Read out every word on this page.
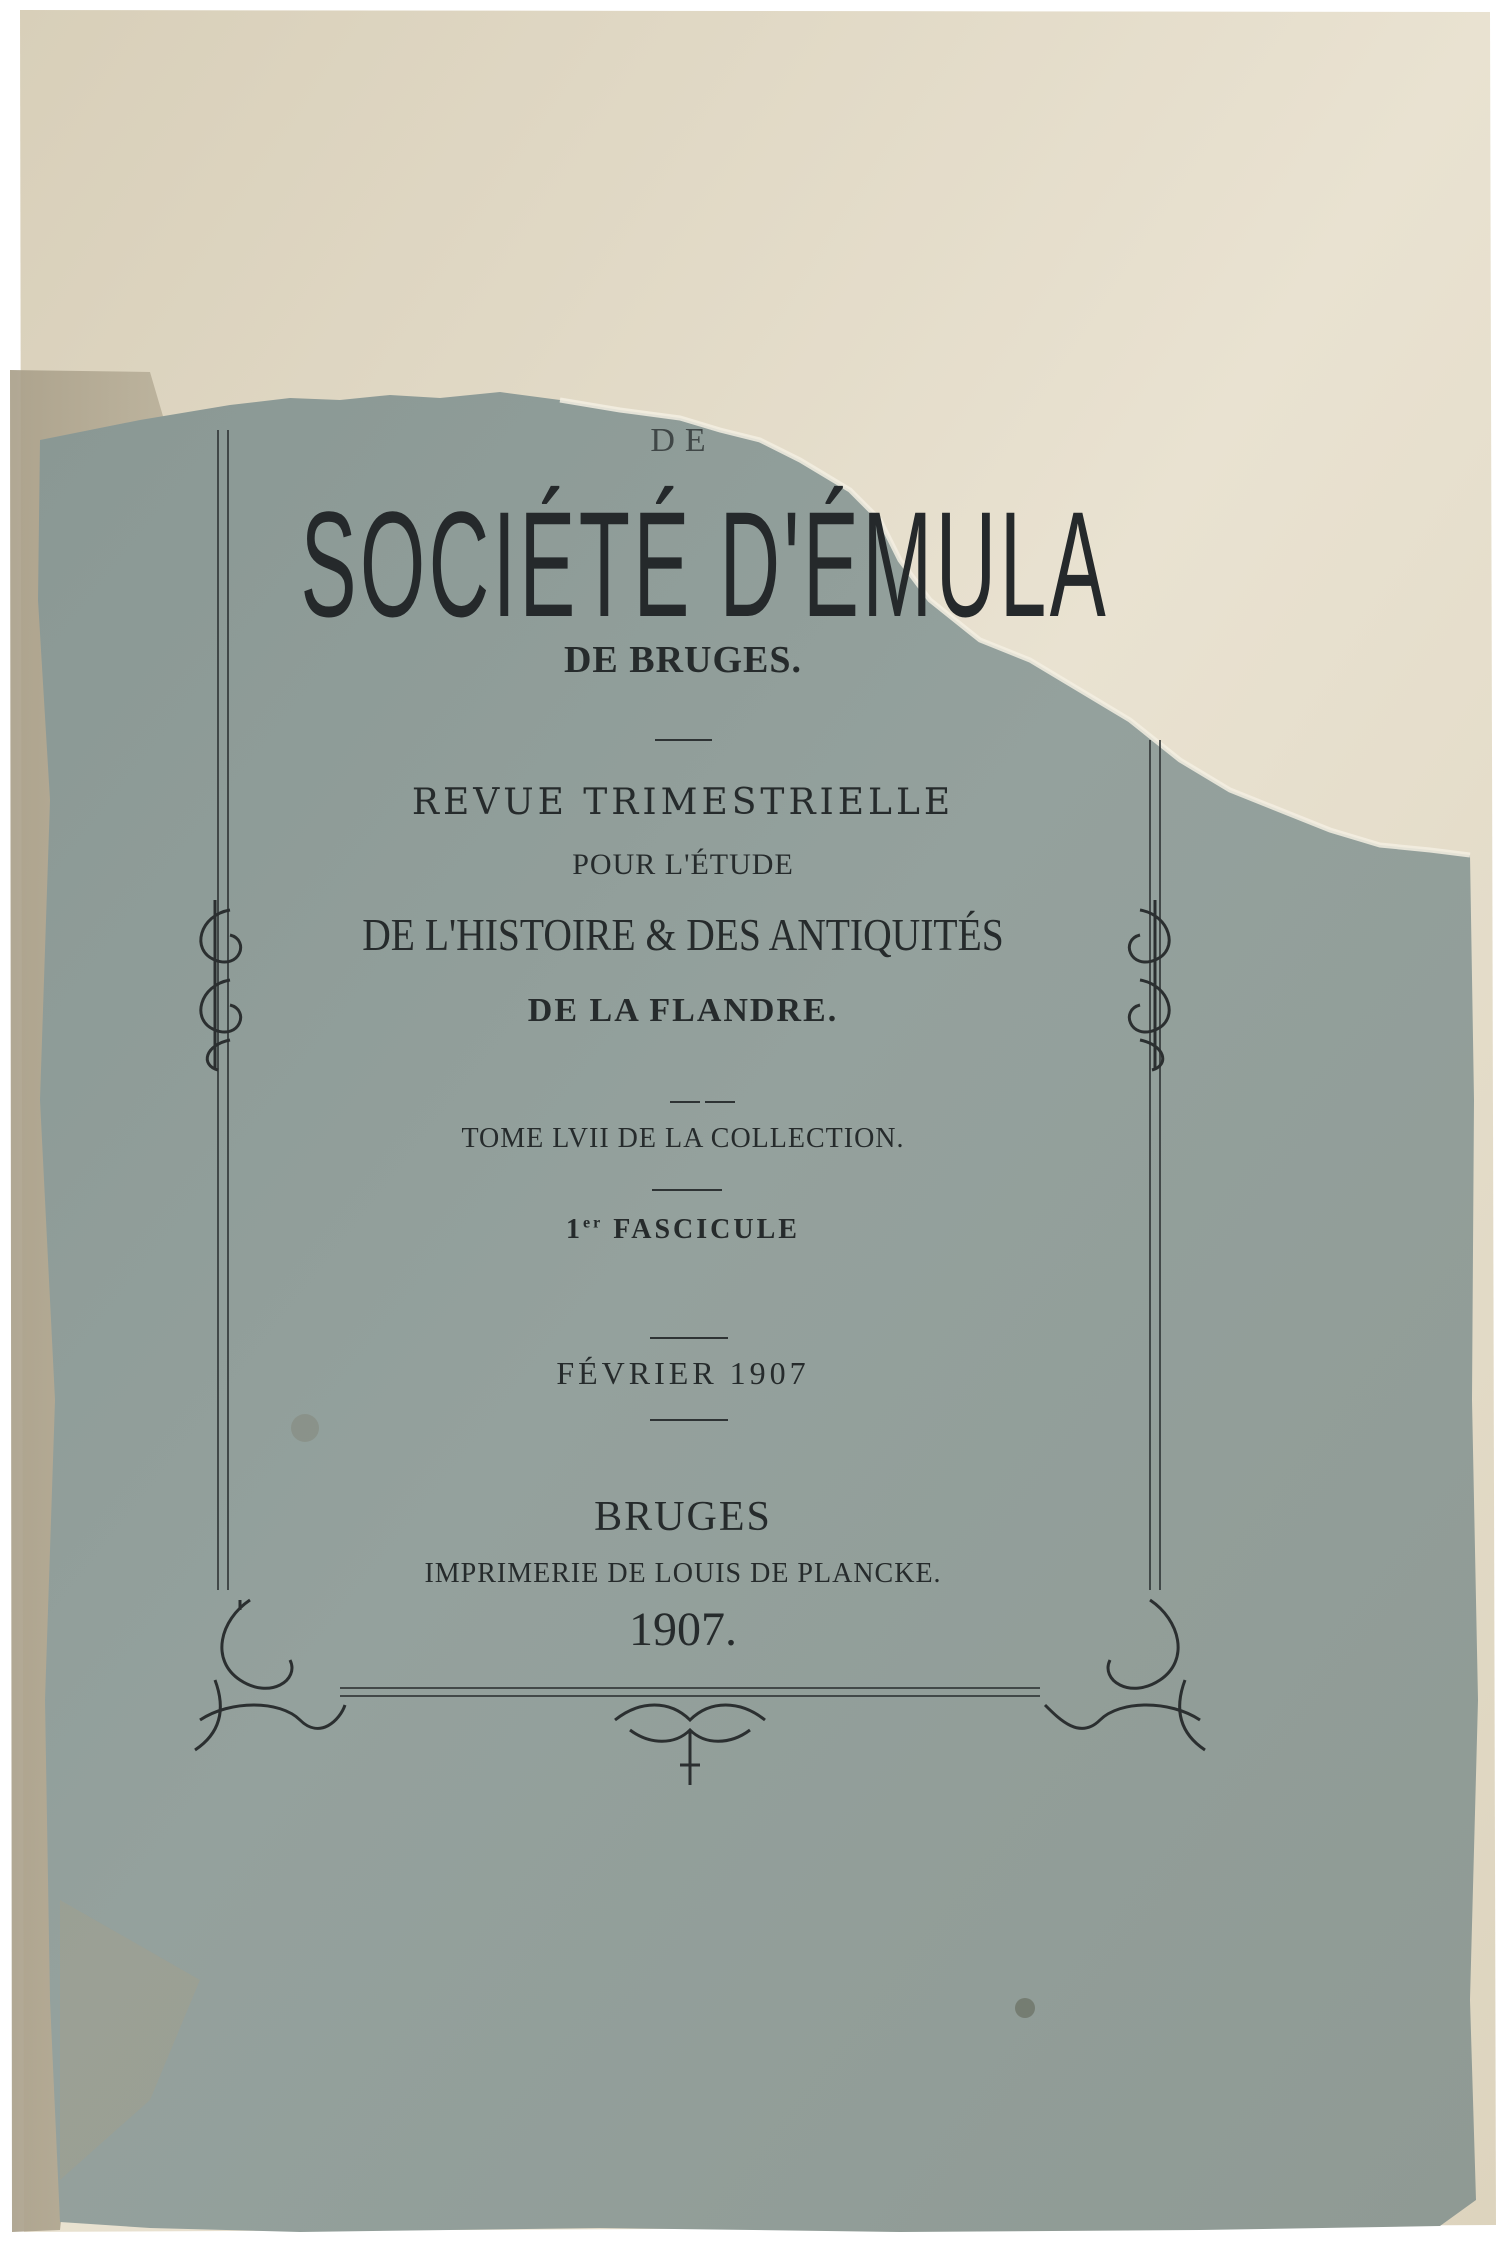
DE
SOCIÉTÉ D'ÉMULA
DE BRUGES.
REVUE TRIMESTRIELLE
POUR L'ÉTUDE
DE L'HISTOIRE & DES ANTIQUITÉS
DE LA FLANDRE.
TOME LVII DE LA COLLECTION.
1er FASCICULE
FÉVRIER 1907
BRUGES
IMPRIMERIE DE LOUIS DE PLANCKE.
1907.
